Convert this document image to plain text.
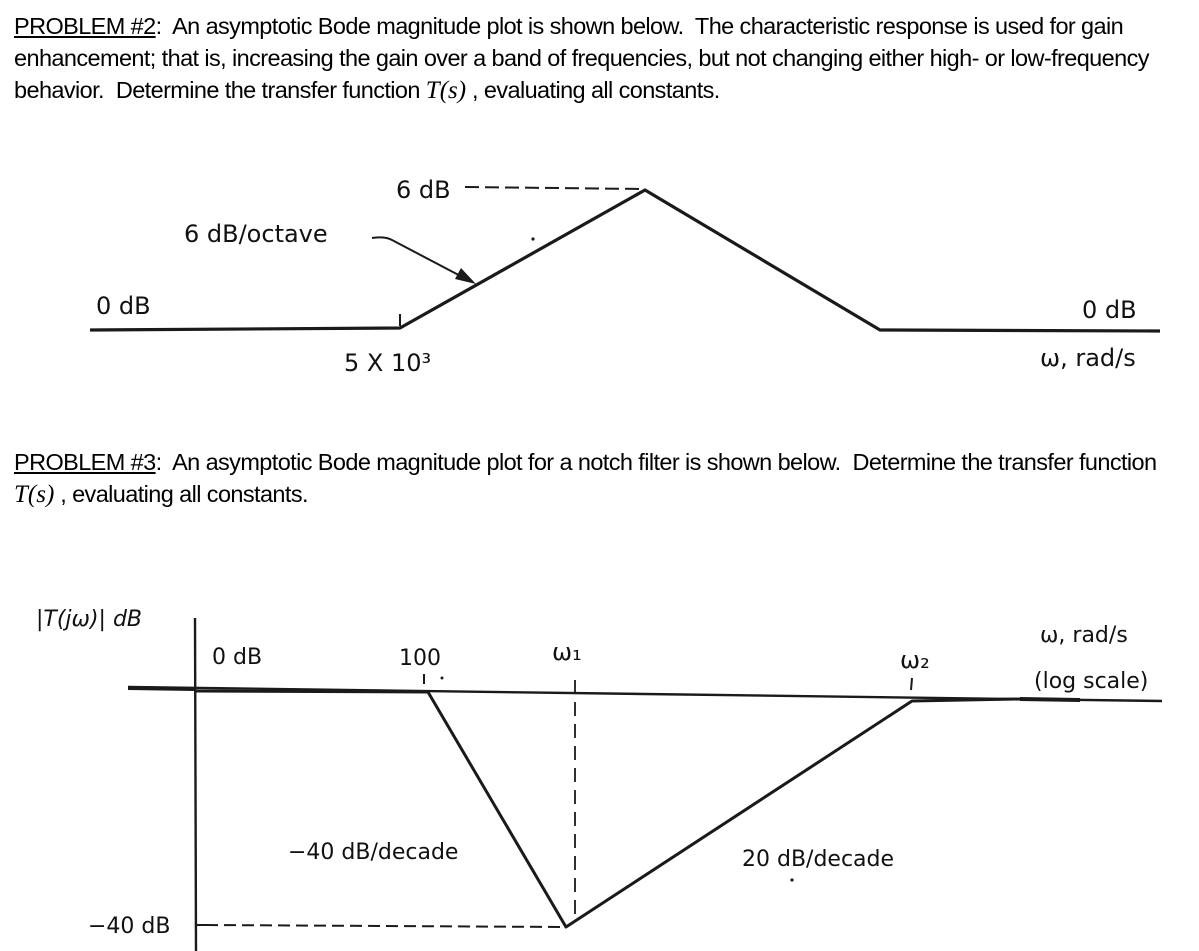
PROBLEM #2:  An asymptotic Bode magnitude plot is shown below.  The characteristic response is used for gain enhancement; that is, increasing the gain over a band of frequencies, but not changing either high- or low-frequency behavior.  Determine the transfer function T(s) , evaluating all constants.
6 dB
6 dB/octave
0 dB
5 X 10³
0 dB
ω, rad/s
PROBLEM #3:  An asymptotic Bode magnitude plot for a notch filter is shown below.  Determine the transfer function T(s) , evaluating all constants.
|T(jω)| dB
0 dB	100	ω₁	ω₂
ω, rad/s
(log scale)
−40 dB/decade	20 dB/decade
−40 dB
